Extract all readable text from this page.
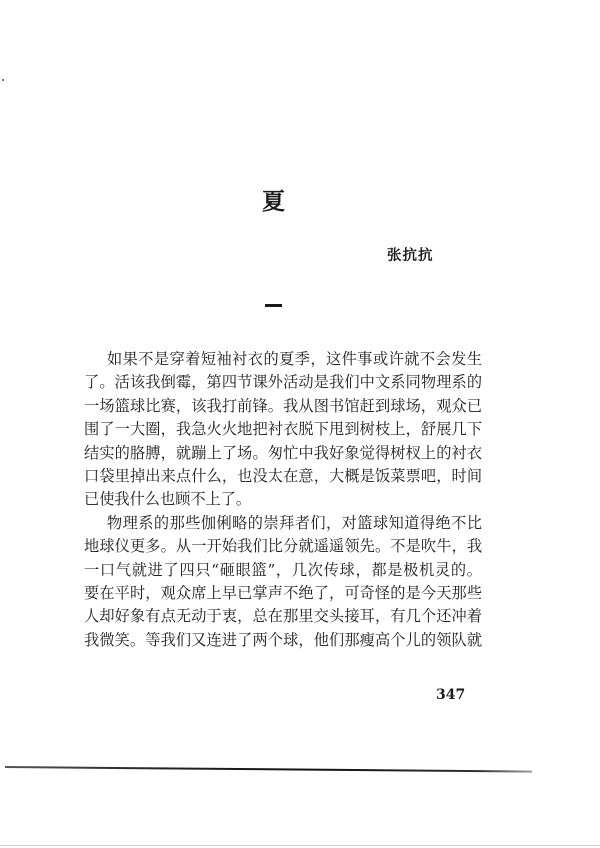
夏
张抗抗
如果不是穿着短袖衬衣的夏季，这件事或许就不会发生
了。活该我倒霉，第四节课外活动是我们中文系同物理系的
一场篮球比赛，该我打前锋。我从图书馆赶到球场，观众已
围了一大圈，我急火火地把衬衣脱下甩到树枝上，舒展几下
结实的胳膊，就蹦上了场。匆忙中我好象觉得树杈上的衬衣
口袋里掉出来点什么，也没太在意，大概是饭菜票吧，时间
已使我什么也顾不上了。
物理系的那些伽俐略的崇拜者们，对篮球知道得绝不比
地球仪更多。从一开始我们比分就遥遥领先。不是吹牛，我
一口气就进了四只“砸眼篮”，几次传球，都是极机灵的。
要在平时，观众席上早已掌声不绝了，可奇怪的是今天那些
人却好象有点无动于衷，总在那里交头接耳，有几个还冲着
我微笑。等我们又连进了两个球，他们那瘦高个儿的领队就
347
